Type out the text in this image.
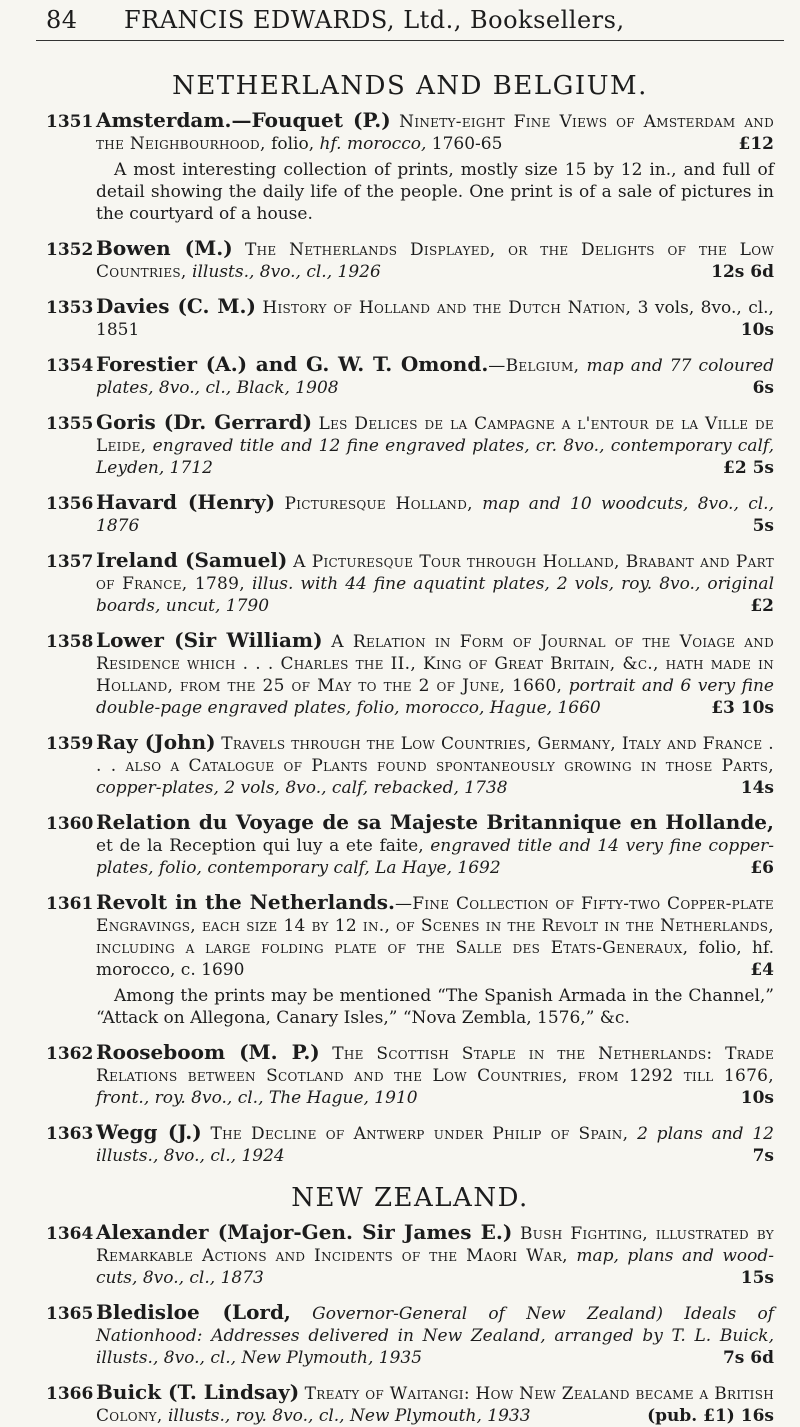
84	FRANCIS EDWARDS, Ltd., Booksellers,
NETHERLANDS AND BELGIUM.
1351 Amsterdam.—Fouquet (P.) Ninety-eight Fine Views of Amsterdam and the Neighbourhood, folio, hf. morocco, 1760-65	£12
A most interesting collection of prints, mostly size 15 by 12 in., and full of detail showing the daily life of the people. One print is of a sale of pictures in the courtyard of a house.
1352 Bowen (M.) The Netherlands Displayed, or the Delights of the Low Countries, illusts., 8vo., cl., 1926	12s 6d
1353 Davies (C. M.) History of Holland and the Dutch Nation, 3 vols, 8vo., cl., 1851	10s
1354 Forestier (A.) and G. W. T. Omond.—Belgium, map and 77 coloured plates, 8vo., cl., Black, 1908	6s
1355 Goris (Dr. Gerrard) Les Delices de la Campagne a l'entour de la Ville de Leide, engraved title and 12 fine engraved plates, cr. 8vo., contemporary calf, Leyden, 1712	£2 5s
1356 Havard (Henry) Picturesque Holland, map and 10 woodcuts, 8vo., cl., 1876	5s
1357 Ireland (Samuel) A Picturesque Tour through Holland, Brabant and Part of France, 1789, illus. with 44 fine aquatint plates, 2 vols, roy. 8vo., original boards, uncut, 1790	£2
1358 Lower (Sir William) A Relation in Form of Journal of the Voiage and Residence which . . . Charles the II., King of Great Britain, &c., hath made in Holland, from the 25 of May to the 2 of June, 1660, portrait and 6 very fine double-page engraved plates, folio, morocco, Hague, 1660	£3 10s
1359 Ray (John) Travels through the Low Countries, Germany, Italy and France . . . also a Catalogue of Plants found spontaneously growing in those Parts, copper-plates, 2 vols, 8vo., calf, rebacked, 1738	14s
1360 Relation du Voyage de sa Majeste Britannique en Hollande, et de la Reception qui luy a ete faite, engraved title and 14 very fine copper-plates, folio, contemporary calf, La Haye, 1692	£6
1361 Revolt in the Netherlands.—Fine Collection of Fifty-two Copper-plate Engravings, each size 14 by 12 in., of Scenes in the Revolt in the Netherlands, including a large folding plate of the Salle des Etats-Generaux, folio, hf. morocco, c. 1690	£4
Among the prints may be mentioned “The Spanish Armada in the Channel,” “Attack on Allegona, Canary Isles,” “Nova Zembla, 1576,” &c.
1362 Rooseboom (M. P.) The Scottish Staple in the Netherlands: Trade Relations between Scotland and the Low Countries, from 1292 till 1676, front., roy. 8vo., cl., The Hague, 1910	10s
1363 Wegg (J.) The Decline of Antwerp under Philip of Spain, 2 plans and 12 illusts., 8vo., cl., 1924	7s
NEW ZEALAND.
1364 Alexander (Major-Gen. Sir James E.) Bush Fighting, illustrated by Remarkable Actions and Incidents of the Maori War, map, plans and wood-cuts, 8vo., cl., 1873	15s
1365 Bledisloe (Lord, Governor-General of New Zealand) Ideals of Nationhood: Addresses delivered in New Zealand, arranged by T. L. Buick, illusts., 8vo., cl., New Plymouth, 1935	7s 6d
1366 Buick (T. Lindsay) Treaty of Waitangi: How New Zealand became a British Colony, illusts., roy. 8vo., cl., New Plymouth, 1933	(pub. £1) 16s
